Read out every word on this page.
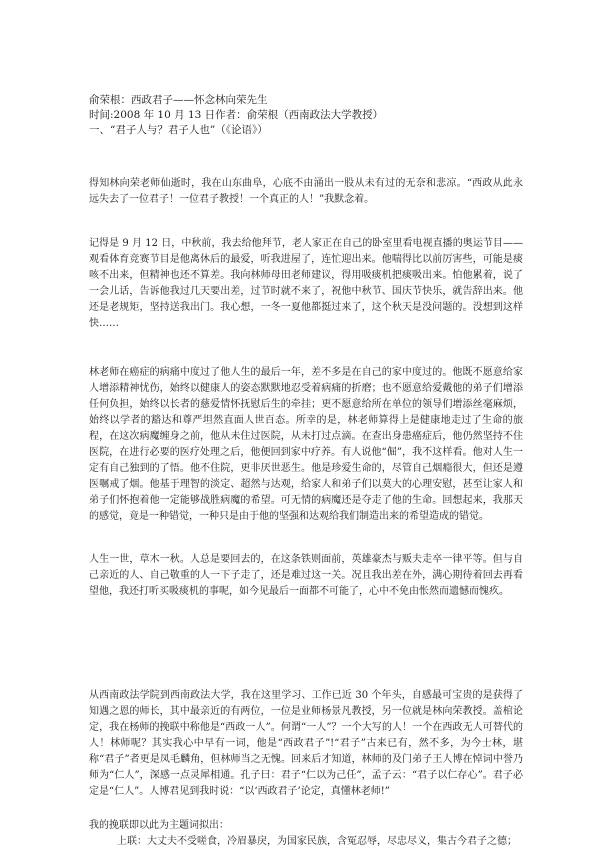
俞荣根：西政君子——怀念林向荣先生
时间:2008 年 10 月 13 日作者：俞荣根（西南政法大学教授）
一、“君子人与？君子人也”（《论语》）
得知林向荣老师仙逝时，我在山东曲阜，心底不由涌出一股从未有过的无奈和悲凉。“西政从此永远失去了一位君子！一位君子教授！一个真正的人！”我默念着。
记得是 9 月 12 日，中秋前，我去给他拜节，老人家正在自己的卧室里看电视直播的奥运节目——观看体育竞赛节目是他离休后的最爱，听我进屋了，连忙迎出来。他喘得比以前厉害些，可能是痰咳不出来，但精神也还不算差。我向林师母田老师建议，得用吸痰机把痰吸出来。怕他累着，说了一会儿话，告诉他我过几天要出差，过节时就不来了，祝他中秋节、国庆节快乐，就告辞出来。他还是老规矩，坚持送我出门。我心想，一冬一夏他都挺过来了，这个秋天是没问题的。没想到这样快……
林老师在癌症的病痛中度过了他人生的最后一年，差不多是在自己的家中度过的。他既不愿意给家人增添精神忧伤，始终以健康人的姿态默默地忍受着病痛的折磨；也不愿意给爱戴他的弟子们增添任何负担，始终以长者的慈爱情怀抚慰后生的牵挂；更不愿意给所在单位的领导们增添丝毫麻烦，始终以学者的豁达和尊严坦然直面人世百态。所幸的是，林老师算得上是健康地走过了生命的旅程，在这次病魔缠身之前，他从未住过医院，从未打过点滴。在查出身患癌症后，他仍然坚持不住医院，在进行必要的医疗处理之后，他便回到家中疗养。有人说他“倔”，我不这样看。他对人生一定有自己独到的了悟。他不住院，更非厌世恶生。他是珍爱生命的，尽管自己烟瘾很大，但还是遵医嘱戒了烟。他基于理智的淡定、超然与达观，给家人和弟子们以莫大的心理安慰，甚至让家人和弟子们怀抱着他一定能够战胜病魔的希望。可无情的病魔还是夺走了他的生命。回想起来，我那天的感觉，竟是一种错觉，一种只是由于他的坚强和达观给我们制造出来的希望造成的错觉。
人生一世，草木一秋。人总是要回去的，在这条铁则面前，英雄豪杰与贩夫走卒一律平等。但与自己亲近的人、自己敬重的人一下子走了，还是难过这一关。况且我出差在外，满心期待着回去再看望他，我还打听买吸痰机的事呢，如今见最后一面都不可能了，心中不免由怅然而遗憾而愧疚。
从西南政法学院到西南政法大学，我在这里学习、工作已近 30 个年头，自感最可宝贵的是获得了知遇之恩的师长，其中最亲近的有两位，一位是业师杨景凡教授，另一位就是林向荣教授。盖棺论定，我在杨师的挽联中称他是“西政一人”。何谓“一人”？一个大写的人！一个在西政无人可替代的人！林师呢？其实我心中早有一词，他是“西政君子”!“君子”古来已有，然不多，为今士林，堪称“君子”者更是凤毛麟角，但林师当之无愧。回来后才知道，林师的及门弟子王人博在悼词中誉乃师为“仁人”，深感一点灵犀相通。孔子曰：君子“仁以为己任”，孟子云：“君子以仁存心”。君子必定是“仁人”。人博君见到我时说：“以‘西政君子’论定，真懂林老师!”
我的挽联即以此为主题词拟出：
上联：大丈夫不受嗟食，冷眉暴戾，为国家民族，含冤忍辱，尽忠尽义，集古今君子之德；
